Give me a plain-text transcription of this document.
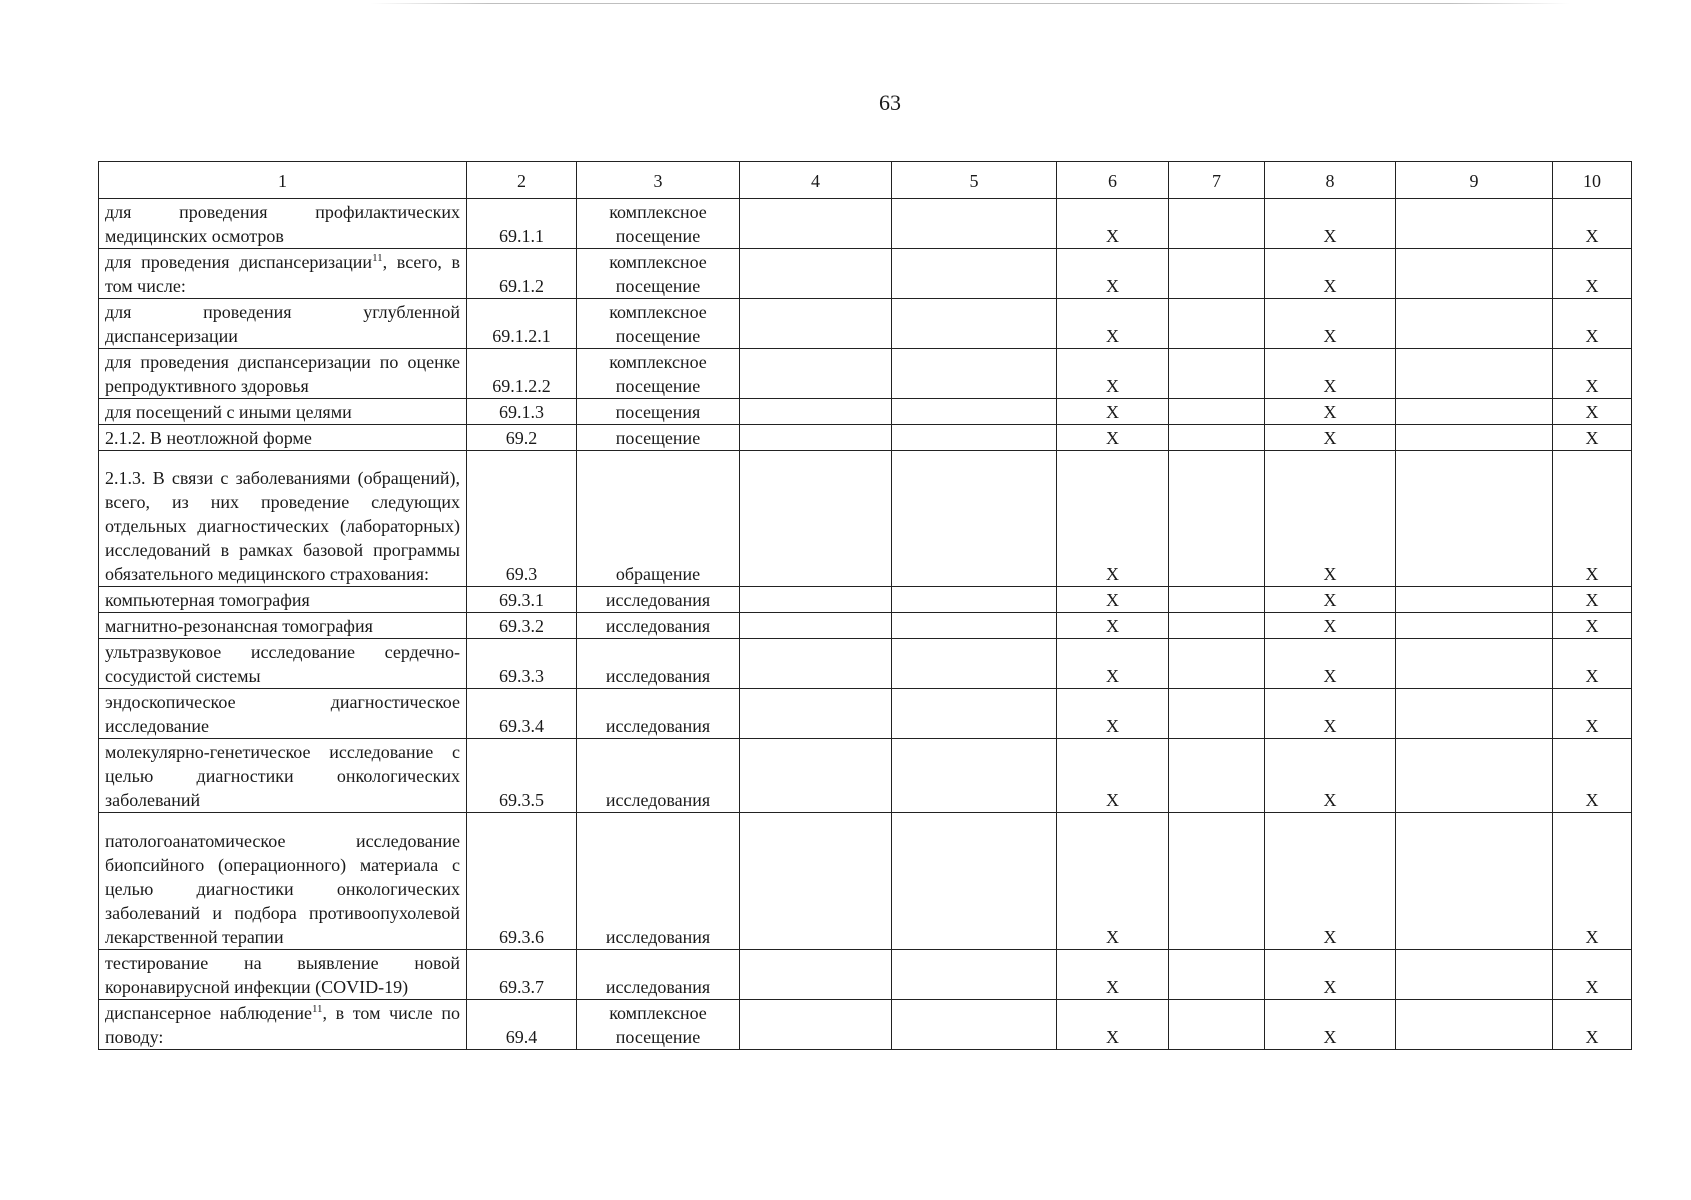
63
1	2	3	4	5	6	7	8	9	10
для проведения профилактических медицинских осмотров	69.1.1	комплексное посещение			X		X		X
для проведения диспансеризации$^{11}$, всего, в том числе:	69.1.2	комплексное посещение			X		X		X
для проведения углубленной диспансеризации	69.1.2.1	комплексное посещение			X		X		X
для проведения диспансеризации по оценке репродуктивного здоровья	69.1.2.2	комплексное посещение			X		X		X
для посещений с иными целями	69.1.3	посещения			X		X		X
2.1.2. В неотложной форме	69.2	посещение			X		X		X
2.1.3. В связи с заболеваниями (обращений), всего, из них проведение следующих отдельных диагностических (лабораторных) исследований в рамках базовой программы обязательного медицинского страхования:	69.3	обращение			X		X		X
компьютерная томография	69.3.1	исследования			X		X		X
магнитно-резонансная томография	69.3.2	исследования			X		X		X
ультразвуковое исследование сердечно-сосудистой системы	69.3.3	исследования			X		X		X
эндоскопическое диагностическое исследование	69.3.4	исследования			X		X		X
молекулярно-генетическое исследование с целью диагностики онкологических заболеваний	69.3.5	исследования			X		X		X
патологоанатомическое исследование биопсийного (операционного) материала с целью диагностики онкологических заболеваний и подбора противоопухолевой лекарственной терапии	69.3.6	исследования			X		X		X
тестирование на выявление новой коронавирусной инфекции (COVID-19)	69.3.7	исследования			X		X		X
диспансерное наблюдение$^{11}$, в том числе по поводу:	69.4	комплексное посещение			X		X		X
